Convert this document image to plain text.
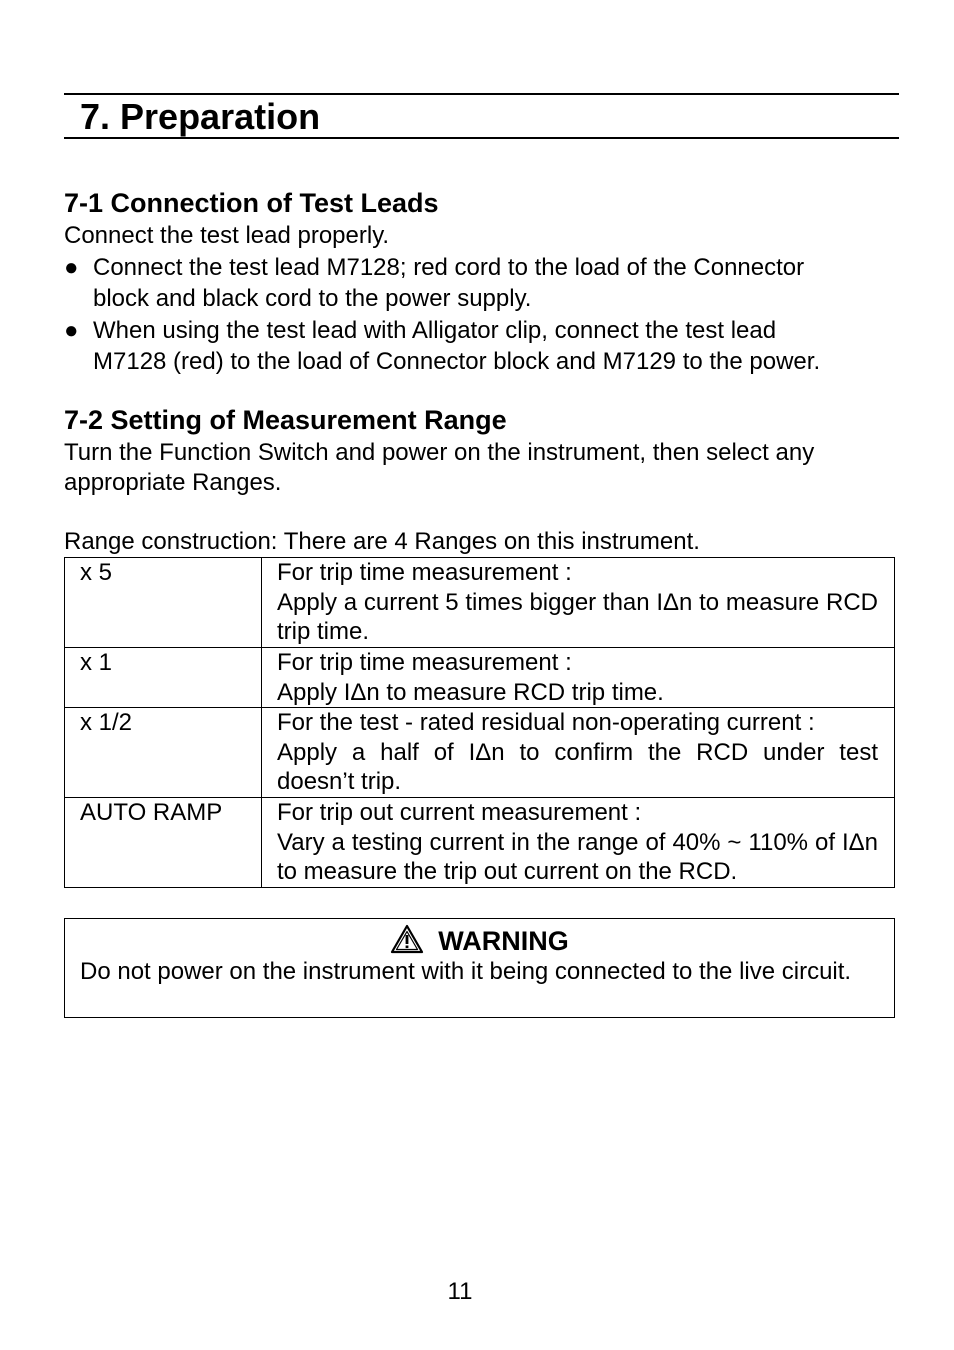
7. Preparation
7-1 Connection of Test Leads
Connect the test lead properly.
● Connect the test lead M7128; red cord to the load of the Connector
block and black cord to the power supply.
● When using the test lead with Alligator clip, connect the test lead
M7128 (red) to the load of Connector block and M7129 to the power.
7-2 Setting of Measurement Range
Turn the Function Switch and power on the instrument, then select any
appropriate Ranges.
Range construction: There are 4 Ranges on this instrument.
x 5	For trip time measurement :
Apply a current 5 times bigger than IΔn to measure RCD trip time.

x 1	For trip time measurement :
Apply IΔn to measure RCD trip time.

x 1/2	For the test - rated residual non-operating current :
Apply a half of IΔn to confirm the RCD under test doesn’t trip.

AUTO RAMP	For trip out current measurement :
Vary a testing current in the range of 40% ~ 110% of IΔn to measure the trip out current on the RCD.
WARNING
Do not power on the instrument with it being connected to the live circuit.
11
